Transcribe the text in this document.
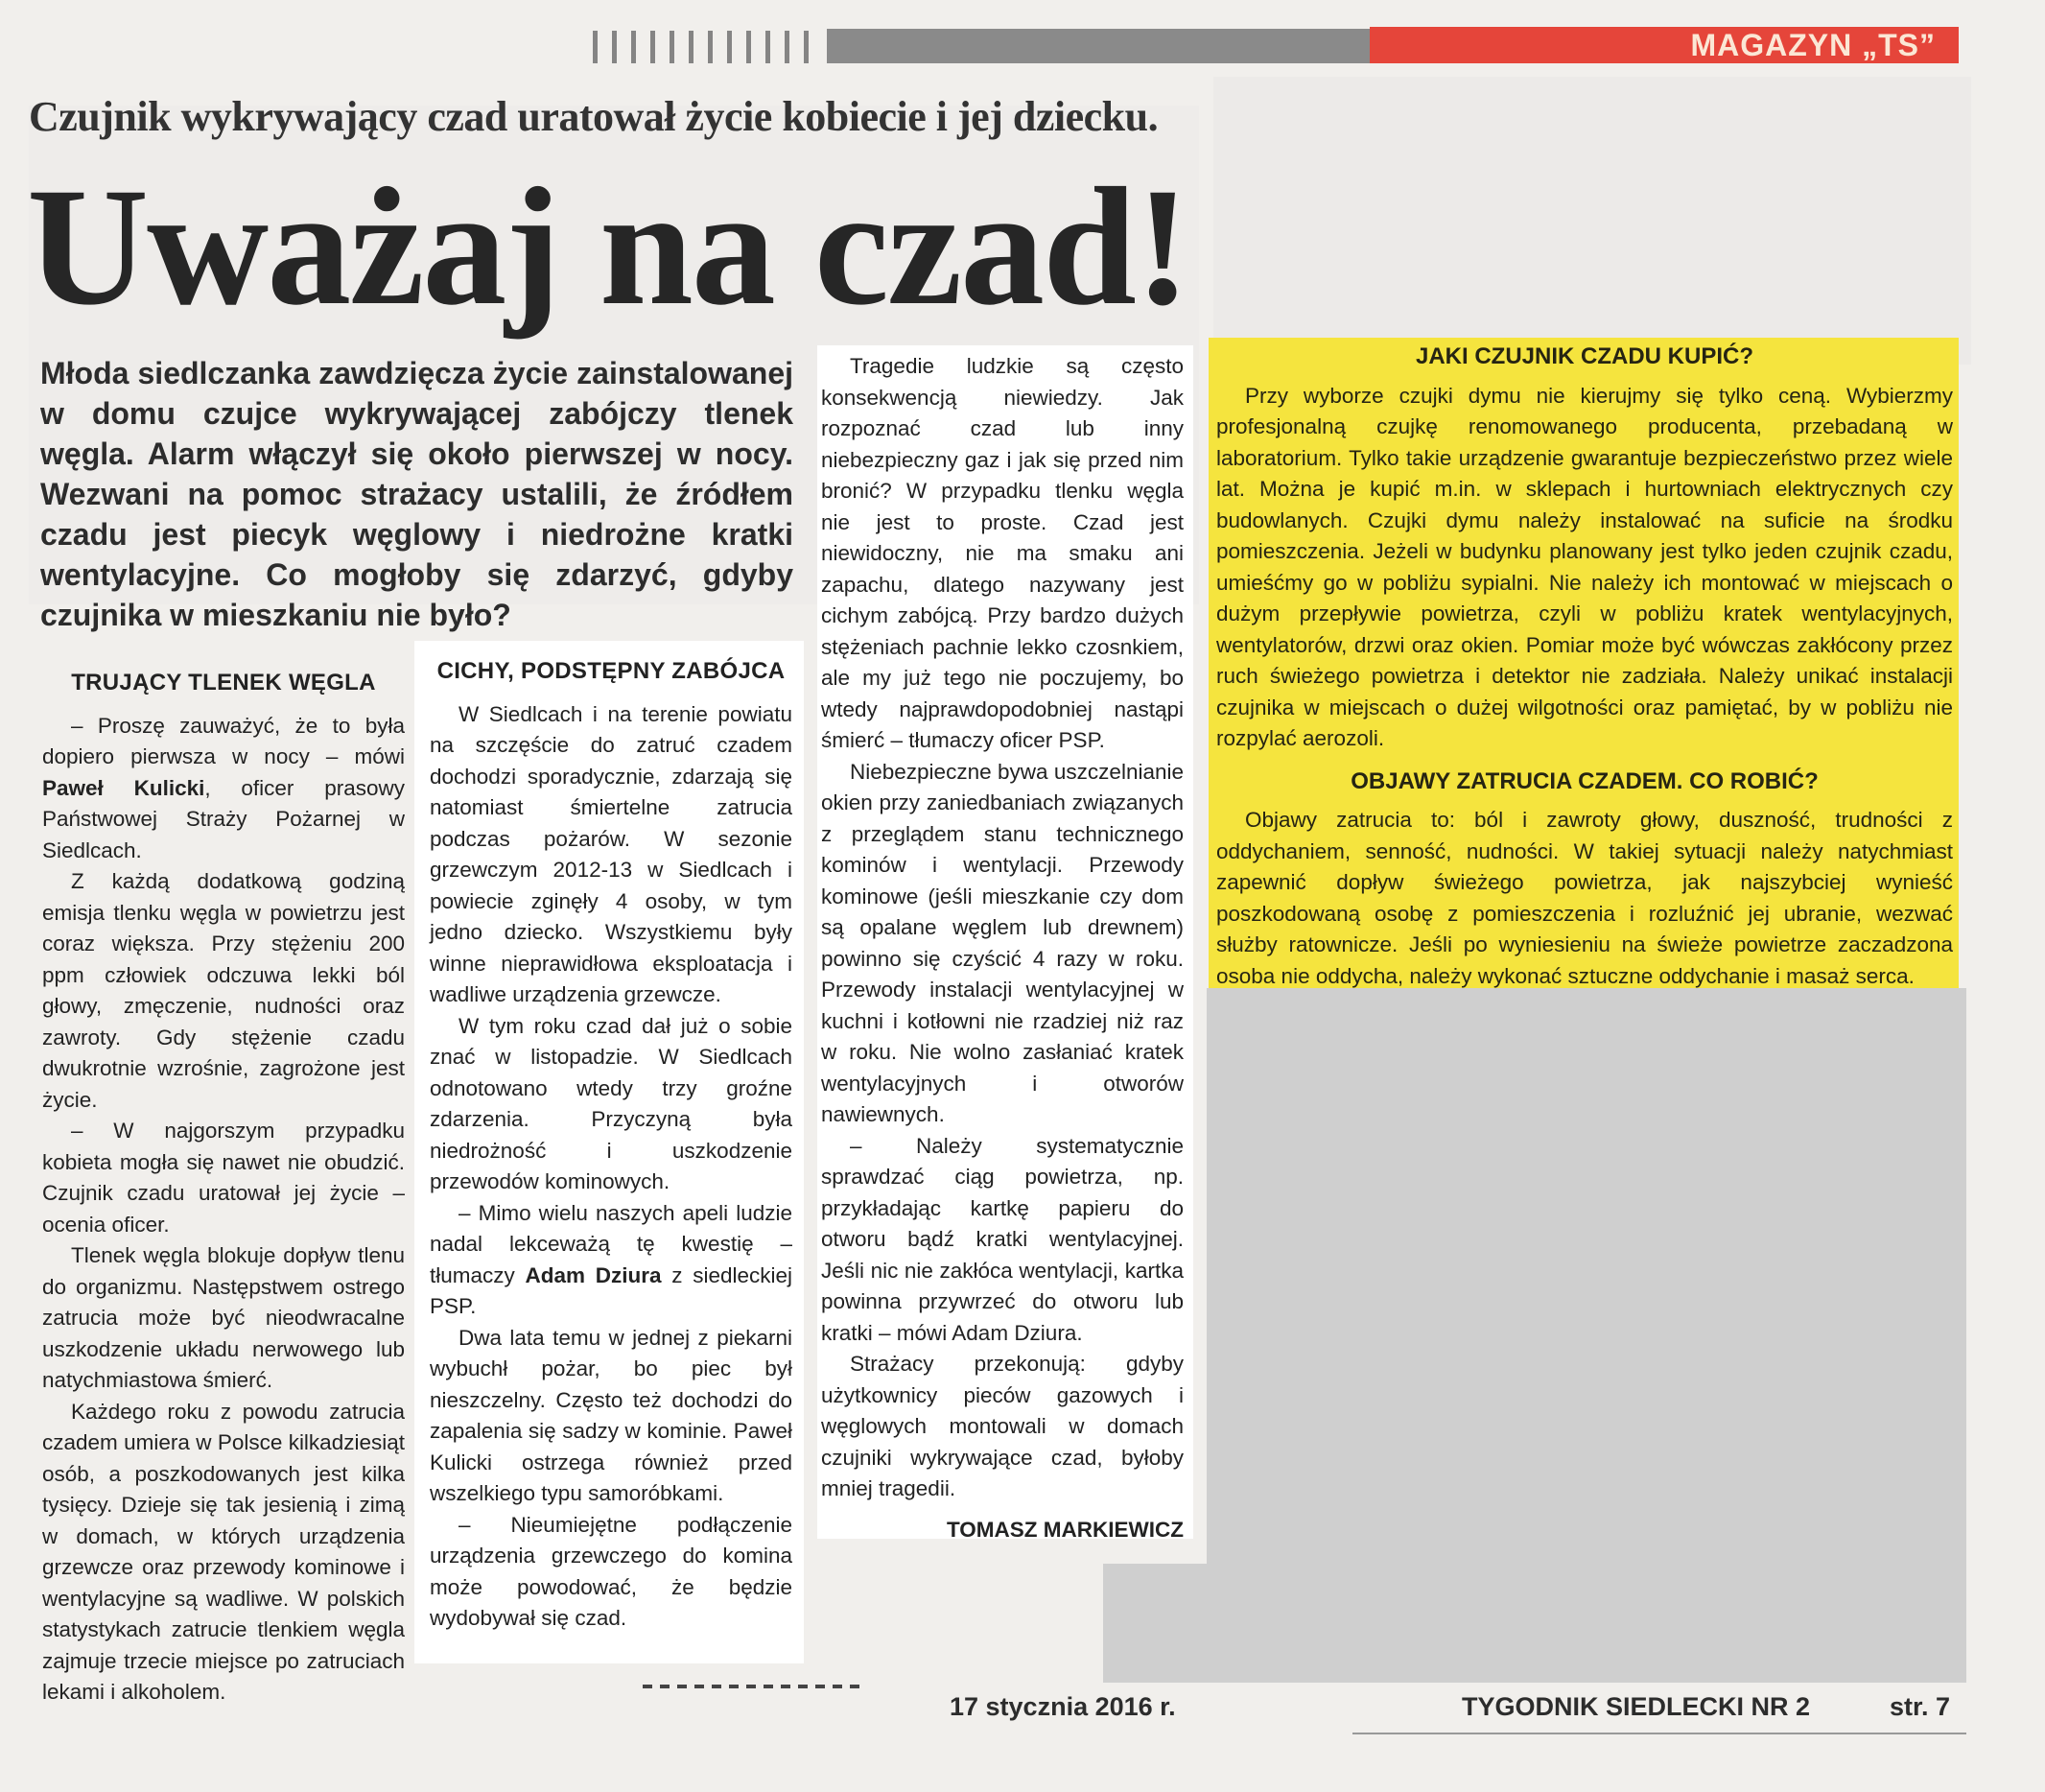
MAGAZYN „TS”
Czujnik wykrywający czad uratował życie kobiecie i jej dziecku.
Uważaj na czad!
Młoda siedlczanka zawdzięcza życie zainstalowanej w domu czujce wykrywającej zabójczy tlenek węgla. Alarm włączył się około pierwszej w nocy. Wezwani na pomoc strażacy ustalili, że źródłem czadu jest piecyk węglowy i niedrożne kratki wentylacyjne. Co mogłoby się zdarzyć, gdyby czujnika w mieszkaniu nie było?

TRUJĄCY TLENEK WĘGLA

– Proszę zauważyć, że to była dopiero pierwsza w nocy – mówi Paweł Kulicki, oficer prasowy Państwowej Straży Pożarnej w Siedlcach.

Z każdą dodatkową godziną emisja tlenku węgla w powietrzu jest coraz większa. Przy stężeniu 200 ppm człowiek odczuwa lekki ból głowy, zmęczenie, nudności oraz zawroty. Gdy stężenie czadu dwukrotnie wzrośnie, zagrożone jest życie.

– W najgorszym przypadku kobieta mogła się nawet nie obudzić. Czujnik czadu uratował jej życie – ocenia oficer.

Tlenek węgla blokuje dopływ tlenu do organizmu. Następstwem ostrego zatrucia może być nieodwracalne uszkodzenie układu nerwowego lub natychmiastowa śmierć.

Każdego roku z powodu zatrucia czadem umiera w Polsce kilkadziesiąt osób, a poszkodowanych jest kilka tysięcy. Dzieje się tak jesienią i zimą w domach, w których urządzenia grzewcze oraz przewody kominowe i wentylacyjne są wadliwe. W polskich statystykach zatrucie tlenkiem węgla zajmuje trzecie miejsce po zatruciach lekami i alkoholem.

CICHY, PODSTĘPNY ZABÓJCA

W Siedlcach i na terenie powiatu na szczęście do zatruć czadem dochodzi sporadycznie, zdarzają się natomiast śmiertelne zatrucia podczas pożarów. W sezonie grzewczym 2012-13 w Siedlcach i powiecie zginęły 4 osoby, w tym jedno dziecko. Wszystkiemu były winne nieprawidłowa eksploatacja i wadliwe urządzenia grzewcze.

W tym roku czad dał już o sobie znać w listopadzie. W Siedlcach odnotowano wtedy trzy groźne zdarzenia. Przyczyną była niedrożność i uszkodzenie przewodów kominowych.

– Mimo wielu naszych apeli ludzie nadal lekceważą tę kwestię – tłumaczy Adam Dziura z siedleckiej PSP.

Dwa lata temu w jednej z piekarni wybuchł pożar, bo piec był nieszczelny. Często też dochodzi do zapalenia się sadzy w kominie. Paweł Kulicki ostrzega również przed wszelkiego typu samoróbkami.

– Nieumiejętne podłączenie urządzenia grzewczego do komina może powodować, że będzie wydobywał się czad.

Tragedie ludzkie są często konsekwencją niewiedzy. Jak rozpoznać czad lub inny niebezpieczny gaz i jak się przed nim bronić? W przypadku tlenku węgla nie jest to proste. Czad jest niewidoczny, nie ma smaku ani zapachu, dlatego nazywany jest cichym zabójcą. Przy bardzo dużych stężeniach pachnie lekko czosnkiem, ale my już tego nie poczujemy, bo wtedy najprawdopodobniej nastąpi śmierć – tłumaczy oficer PSP.

Niebezpieczne bywa uszczelnianie okien przy zaniedbaniach związanych z przeglądem stanu technicznego kominów i wentylacji. Przewody kominowe (jeśli mieszkanie czy dom są opalane węglem lub drewnem) powinno się czyścić 4 razy w roku. Przewody instalacji wentylacyjnej w kuchni i kotłowni nie rzadziej niż raz w roku. Nie wolno zasłaniać kratek wentylacyjnych i otworów nawiewnych.

– Należy systematycznie sprawdzać ciąg powietrza, np. przykładając kartkę papieru do otworu bądź kratki wentylacyjnej. Jeśli nic nie zakłóca wentylacji, kartka powinna przywrzeć do otworu lub kratki – mówi Adam Dziura.

Strażacy przekonują: gdyby użytkownicy pieców gazowych i węglowych montowali w domach czujniki wykrywające czad, byłoby mniej tragedii.

TOMASZ MARKIEWICZ

JAKI CZUJNIK CZADU KUPIĆ?

Przy wyborze czujki dymu nie kierujmy się tylko ceną. Wybierzmy profesjonalną czujkę renomowanego producenta, przebadaną w laboratorium. Tylko takie urządzenie gwarantuje bezpieczeństwo przez wiele lat. Można je kupić m.in. w sklepach i hurtowniach elektrycznych czy budowlanych. Czujki dymu należy instalować na suficie na środku pomieszczenia. Jeżeli w budynku planowany jest tylko jeden czujnik czadu, umieśćmy go w pobliżu sypialni. Nie należy ich montować w miejscach o dużym przepływie powietrza, czyli w pobliżu kratek wentylacyjnych, wentylatorów, drzwi oraz okien. Pomiar może być wówczas zakłócony przez ruch świeżego powietrza i detektor nie zadziała. Należy unikać instalacji czujnika w miejscach o dużej wilgotności oraz pamiętać, by w pobliżu nie rozpylać aerozoli.

OBJAWY ZATRUCIA CZADEM. CO ROBIĆ?

Objawy zatrucia to: ból i zawroty głowy, duszność, trudności z oddychaniem, senność, nudności. W takiej sytuacji należy natychmiast zapewnić dopływ świeżego powietrza, jak najszybciej wynieść poszkodowaną osobę z pomieszczenia i rozluźnić jej ubranie, wezwać służby ratownicze. Jeśli po wyniesieniu na świeże powietrze zaczadzona osoba nie oddycha, należy wykonać sztuczne oddychanie i masaż serca.

17 stycznia 2016 r.	TYGODNIK SIEDLECKI NR 2	str. 7
